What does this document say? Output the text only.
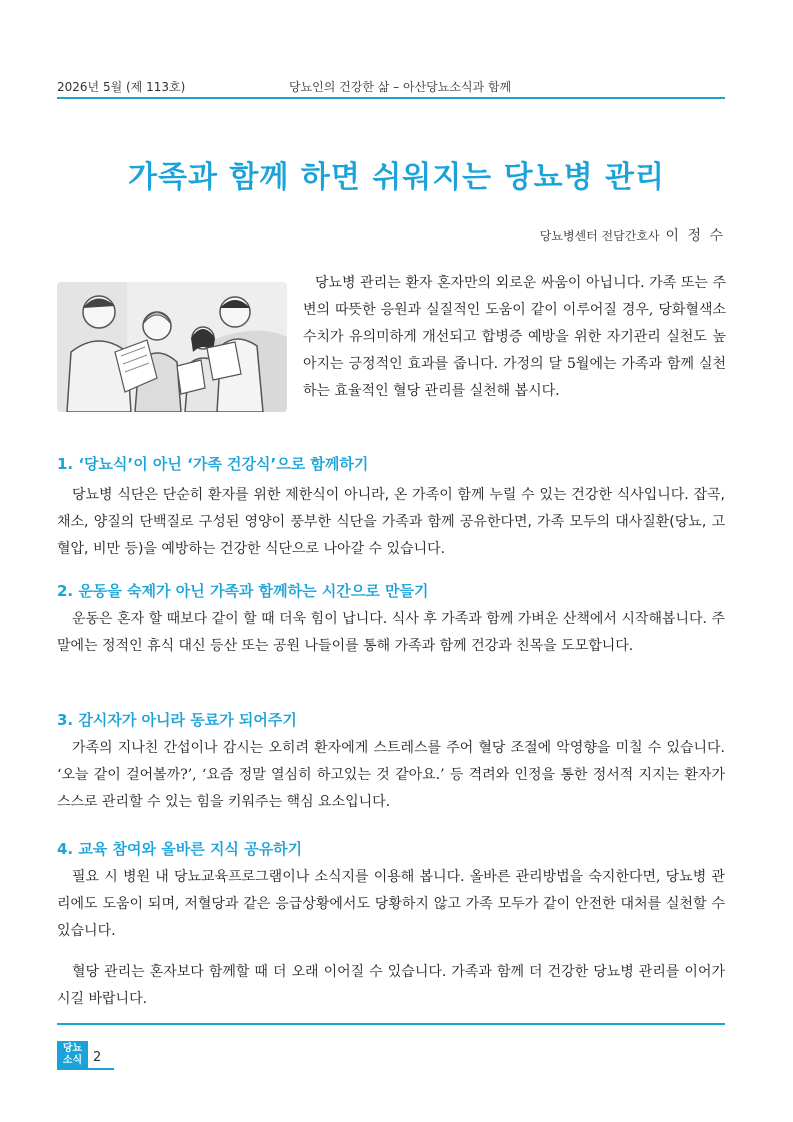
2026년 5월 (제 113호)	당뇨인의 건강한 삶 – 아산당뇨소식과 함께
가족과 함께 하면 쉬워지는 당뇨병 관리
당뇨병센터 전담간호사 이 정 수

당뇨병 관리는 환자 혼자만의 외로운 싸움이 아닙니다. 가족 또는 주변의 따뜻한 응원과 실질적인 도움이 같이 이루어질 경우, 당화혈색소 수치가 유의미하게 개선되고 합병증 예방을 위한 자기관리 실천도 높아지는 긍정적인 효과를 줍니다. 가정의 달 5월에는 가족과 함께 실천하는 효율적인 혈당 관리를 실천해 봅시다.

1. ‘당뇨식’이 아닌 ‘가족 건강식’으로 함께하기

당뇨병 식단은 단순히 환자를 위한 제한식이 아니라, 온 가족이 함께 누릴 수 있는 건강한 식사입니다. 잡곡, 채소, 양질의 단백질로 구성된 영양이 풍부한 식단을 가족과 함께 공유한다면, 가족 모두의 대사질환(당뇨, 고혈압, 비만 등)을 예방하는 건강한 식단으로 나아갈 수 있습니다.

2. 운동을 숙제가 아닌 가족과 함께하는 시간으로 만들기

운동은 혼자 할 때보다 같이 할 때 더욱 힘이 납니다. 식사 후 가족과 함께 가벼운 산책에서 시작해봅니다. 주말에는 정적인 휴식 대신 등산 또는 공원 나들이를 통해 가족과 함께 건강과 친목을 도모합니다.

3. 감시자가 아니라 동료가 되어주기

가족의 지나친 간섭이나 감시는 오히려 환자에게 스트레스를 주어 혈당 조절에 악영향을 미칠 수 있습니다. ‘오늘 같이 걸어볼까?’, ‘요즘 정말 열심히 하고있는 것 같아요.’ 등 격려와 인정을 통한 정서적 지지는 환자가 스스로 관리할 수 있는 힘을 키워주는 핵심 요소입니다.

4. 교육 참여와 올바른 지식 공유하기

필요 시 병원 내 당뇨교육프로그램이나 소식지를 이용해 봅니다. 올바른 관리방법을 숙지한다면, 당뇨병 관리에도 도움이 되며, 저혈당과 같은 응급상황에서도 당황하지 않고 가족 모두가 같이 안전한 대처를 실천할 수 있습니다.

혈당 관리는 혼자보다 함께할 때 더 오래 이어질 수 있습니다. 가족과 함께 더 건강한 당뇨병 관리를 이어가시길 바랍니다.

당뇨
소식 2
